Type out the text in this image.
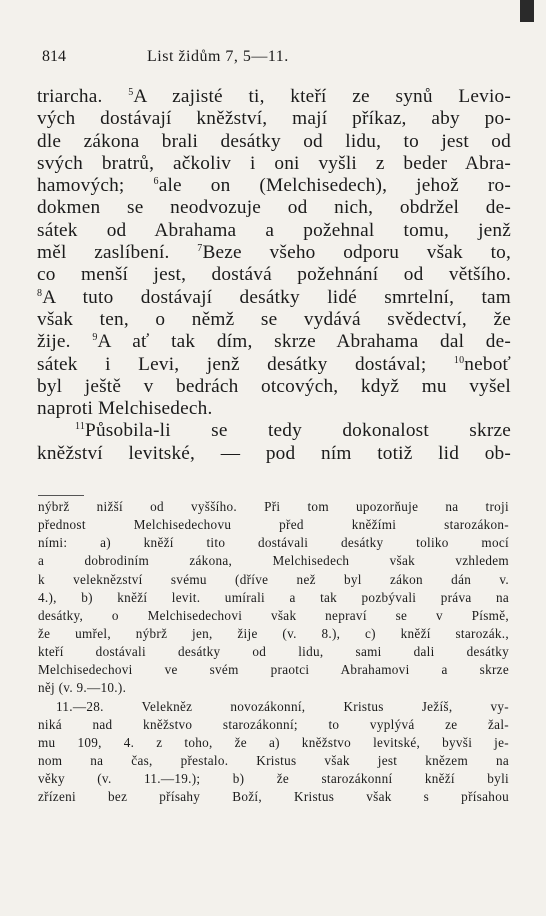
814	List židům 7, 5—11.
triarcha. $^5$A zajisté ti, kteří ze synů Levio-
vých dostávají kněžství, mají příkaz, aby po-
dle zákona brali desátky od lidu, to jest od
svých bratrů, ačkoliv i oni vyšli z beder Abra-
hamových; $^6$ale on (Melchisedech), jehož ro-
dokmen se neodvozuje od nich, obdržel de-
sátek od Abrahama a požehnal tomu, jenž
měl zaslíbení. $^7$Beze všeho odporu však to,
co menší jest, dostává požehnání od většího.
$^8$A tuto dostávají desátky lidé smrtelní, tam
však ten, o němž se vydává svědectví, že
žije. $^9$A ať tak dím, skrze Abrahama dal de-
sátek i Levi, jenž desátky dostával; $^{10}$neboť
byl ještě v bedrách otcových, když mu vyšel
naproti Melchisedech.
$^{11}$Působila-li se tedy dokonalost skrze
kněžství levitské, — pod ním totiž lid ob-
nýbrž nižší od vyššího. Při tom upozorňuje na troji
přednost Melchisedechovu před kněžími starozákon-
ními: a) kněží tito dostávali desátky toliko mocí
a dobrodiním zákona, Melchisedech však vzhledem
k veleknězství svému (dříve než byl zákon dán v.
4.), b) kněží levit. umírali a tak pozbývali práva na
desátky, o Melchisedechovi však nepraví se v Písmě,
že umřel, nýbrž jen, žije (v. 8.), c) kněží starozák.,
kteří dostávali desátky od lidu, sami dali desátky
Melchisedechovi ve svém praotci Abrahamovi a skrze
něj (v. 9.—10.).
11.—28. Velekněz novozákonní, Kristus Ježíš, vy-
niká nad kněžstvo starozákonní; to vyplývá ze žal-
mu 109, 4. z toho, že a) kněžstvo levitské, byvši je-
nom na čas, přestalo. Kristus však jest knězem na
věky (v. 11.—19.); b) že starozákonní kněží byli
zřízeni bez přísahy Boží, Kristus však s přísahou
